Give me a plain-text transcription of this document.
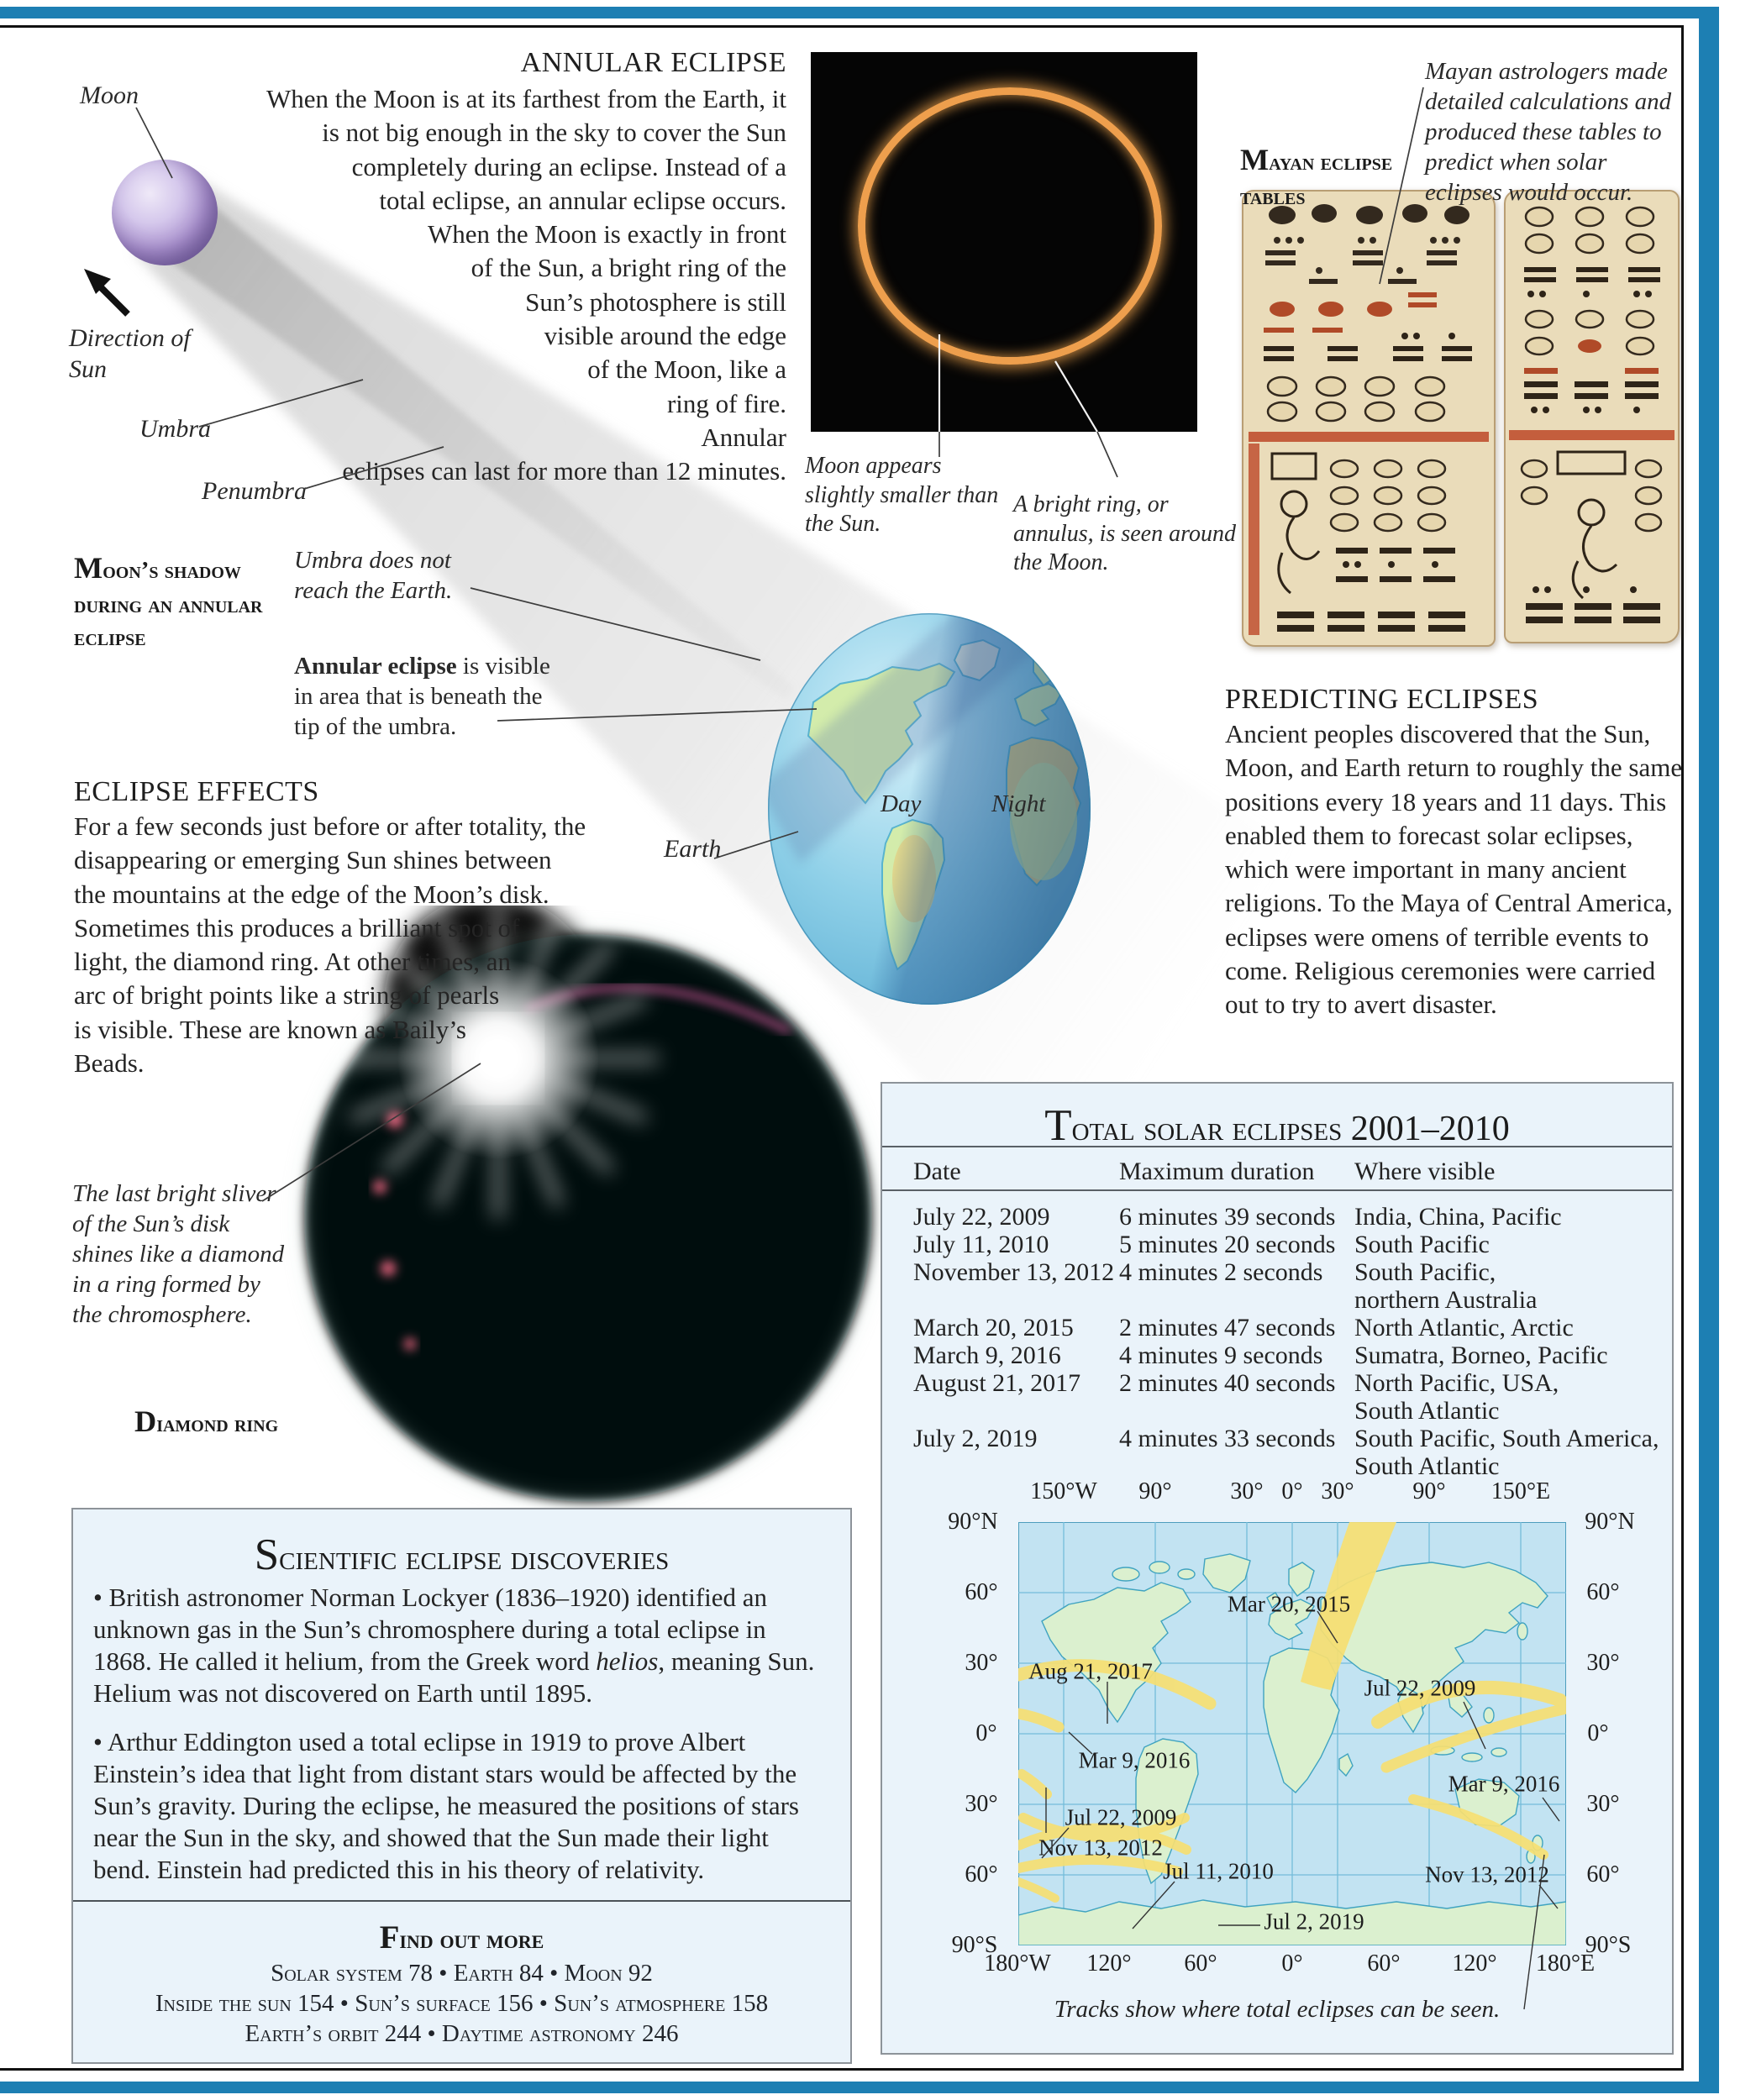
Moon
Direction of Sun
Umbra
Penumbra
Moon’s shadow during an annular eclipse
Umbra does not reach the Earth.
Annular eclipse is visible in area that is beneath the tip of the umbra.
ANNULAR ECLIPSE
When the Moon is at its farthest from the Earth, it is not big enough in the sky to cover the Sun completely during an eclipse. Instead of a total eclipse, an annular eclipse occurs. When the Moon is exactly in front of the Sun, a bright ring of the Sun’s photosphere is still visible around the edge of the Moon, like a ring of fire. Annular eclipses can last for more than 12 minutes. Moon appears slightly smaller than the Sun.
A bright ring, or annulus, is seen around the Moon.
Mayan eclipse tables
Mayan astrologers made detailed calculations and produced these tables to predict when solar eclipses would occur.
PREDICTING ECLIPSES
Ancient peoples discovered that the Sun, Moon, and Earth return to roughly the same positions every 18 years and 11 days. This enabled them to forecast solar eclipses, which were important in many ancient religions. To the Maya of Central America, eclipses were omens of terrible events to come. Religious ceremonies were carried out to try to avert disaster.
Day	Night
Earth
ECLIPSE EFFECTS
For a few seconds just before or after totality, the disappearing or emerging Sun shines between the mountains at the edge of the Moon’s disk. Sometimes this produces a brilliant spot of light, the diamond ring. At other times, an arc of bright points like a string of pearls is visible. These are known as Baily’s Beads.
The last bright sliver of the Sun’s disk shines like a diamond in a ring formed by the chromosphere.
Diamond ring
Scientific eclipse discoveries
• British astronomer Norman Lockyer (1836–1920) identified an unknown gas in the Sun’s chromosphere during a total eclipse in 1868. He called it helium, from the Greek word helios, meaning Sun. Helium was not discovered on Earth until 1895.
• Arthur Eddington used a total eclipse in 1919 to prove Albert Einstein’s idea that light from distant stars would be affected by the Sun’s gravity. During the eclipse, he measured the positions of stars near the Sun in the sky, and showed that the Sun made their light bend. Einstein had predicted this in his theory of relativity.
Find out more
Solar system 78 • Earth 84 • Moon 92
Inside the sun 154 • Sun’s surface 156 • Sun’s atmosphere 158
Earth’s orbit 244 • Daytime astronomy 246
Total solar eclipses 2001–2010
Date	Maximum duration	Where visible
July 22, 2009	6 minutes 39 seconds India, China, Pacific
July 11, 2010	5 minutes 20 seconds South Pacific
November 13, 2012 4 minutes 2 seconds	South Pacific,
northern Australia
March 20, 2015	2 minutes 47 seconds North Atlantic, Arctic
March 9, 2016	4 minutes 9 seconds	Sumatra, Borneo, Pacific
August 21, 2017	2 minutes 40 seconds North Pacific, USA,
South Atlantic
July 2, 2019	4 minutes 33 seconds South Pacific, South America,
South Atlantic
150°W 90° 30° 0° 30° 90° 150°E
180°W 120° 60°	0°	60° 120° 180°E
90°N
60°
30°
0°
30°
60°
90°S
90°N
60°
30°
0°
30°
60°
90°S
Mar 20, 2015
Aug 21, 2017
Jul 22, 2009
Mar 9, 2016
Jul 22, 2009
Jul 11, 2010
Jul 2, 2019
Mar 9, 2016
Nov 13, 2012
Nov 13, 2012
Tracks show where total eclipses can be seen.
